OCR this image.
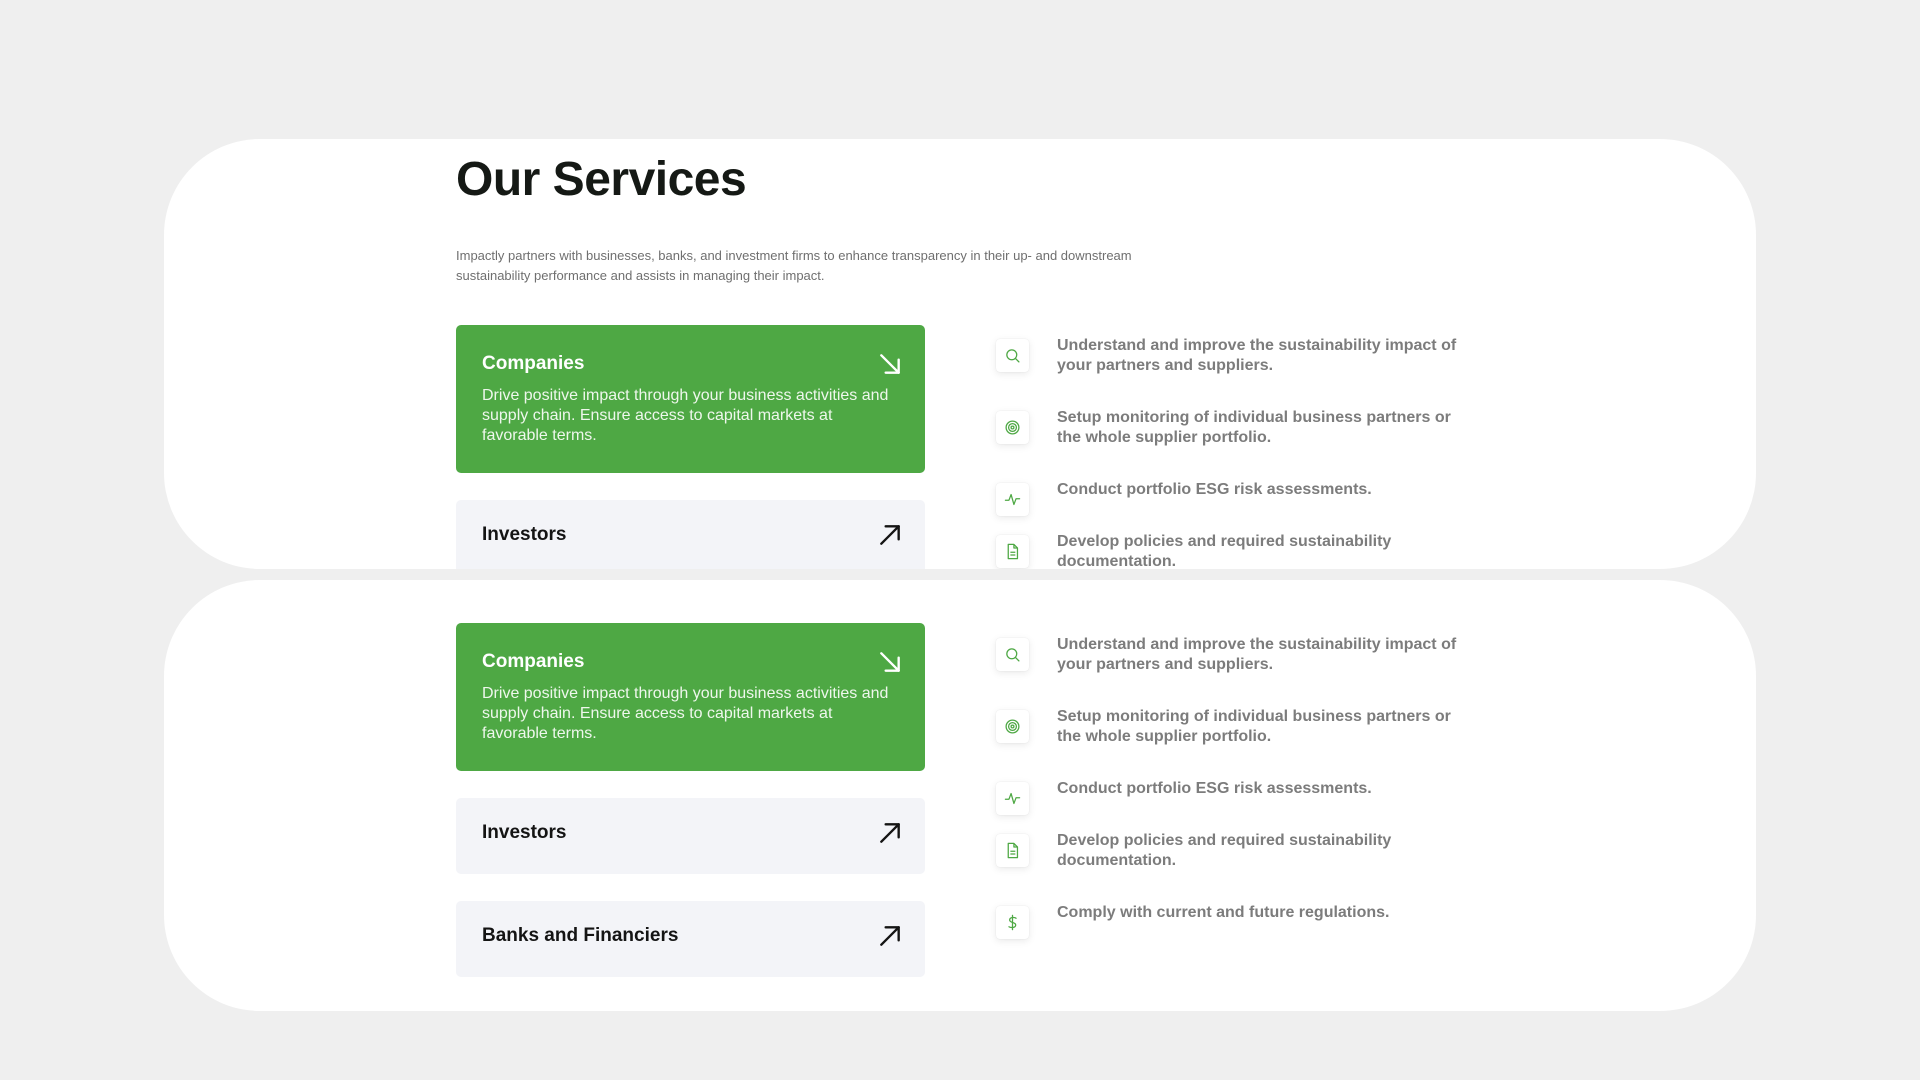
Our Services

Impactly partners with businesses, banks, and investment firms to enhance transparency in their up- and downstream sustainability performance and assists in managing their impact.

Companies

Drive positive impact through your business activities and supply chain. Ensure access to capital markets at favorable terms.

Investors

Understand and improve the sustainability impact of your partners and suppliers.

Setup monitoring of individual business partners or the whole supplier portfolio.

Conduct portfolio ESG risk assessments.

Develop policies and required sustainability documentation.

Companies

Drive positive impact through your business activities and supply chain. Ensure access to capital markets at favorable terms.

Investors
Banks and Financiers

Understand and improve the sustainability impact of your partners and suppliers.

Setup monitoring of individual business partners or the whole supplier portfolio.

Conduct portfolio ESG risk assessments.

Develop policies and required sustainability documentation.

Comply with current and future regulations.
